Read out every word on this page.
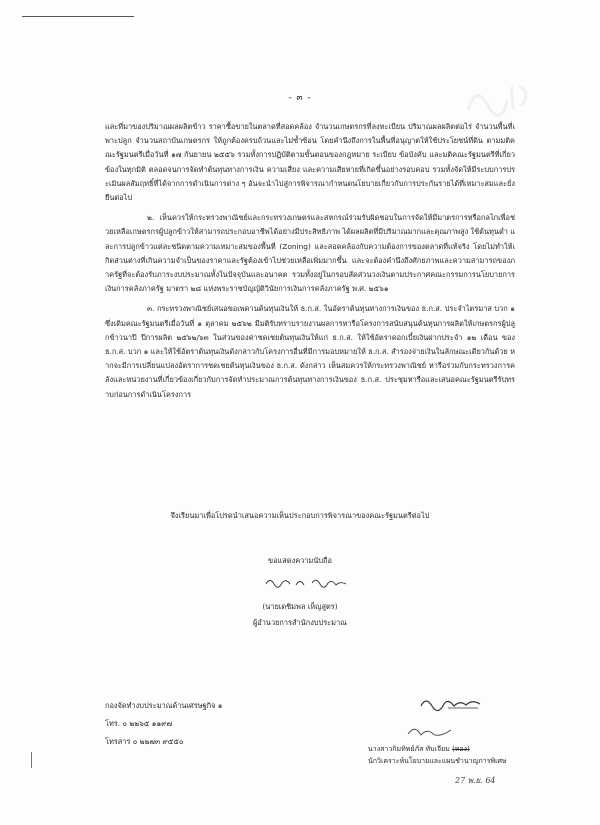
- ๓ -

และที่มาของปริมาณผลผลิตข้าว ราคาซื้อขายในตลาดที่สอดคล้อง จำนวนเกษตรกรที่ลงทะเบียน ปริมาณผลผลิตต่อไร่ จำนวนพื้นที่เพาะปลูก จำนวนสถาบันเกษตรกร ให้ถูกต้องครบถ้วนและไม่ซ้ำซ้อน โดยคำนึงถึงการในพื้นที่อนุญาตให้ใช้ประโยชน์ที่ดิน ตามมติคณะรัฐมนตรีเมื่อวันที่ ๑๗ กันยายน ๒๕๕๖ รวมทั้งการปฏิบัติตามขั้นตอนของกฎหมาย ระเบียบ ข้อบังคับ และมติคณะรัฐมนตรีที่เกี่ยวข้องในทุกมิติ ตลอดจนการจัดทำต้นทุนทางการเงิน ความเสี่ยง และความเสียหายที่เกิดขึ้นอย่างรอบคอบ รวมทั้งจัดให้มีระบบการประเมินผลสัมฤทธิ์ที่ได้จากการดำเนินการต่าง ๆ อันจะนำไปสู่การพิจารณากำหนดนโยบายเกี่ยวกับการประกันรายได้ที่เหมาะสมและยั่งยืนต่อไป

๒. เห็นควรให้กระทรวงพาณิชย์และกระทรวงเกษตรและสหกรณ์ร่วมรับผิดชอบในการจัดให้มีมาตรการหรือกลไกเพื่อช่วยเหลือเกษตรกรผู้ปลูกข้าวให้สามารถประกอบอาชีพได้อย่างมีประสิทธิภาพ ได้ผลผลิตที่มีปริมาณมากและคุณภาพสูง ใช้ต้นทุนต่ำ และการปลูกข้าวแต่ละชนิดตามความเหมาะสมของพื้นที่ (Zoning) และสอดคล้องกับความต้องการของตลาดที่แท้จริง โดยไม่ทำให้เกิดส่วนต่างที่เกินความจำเป็นของราคาและรัฐต้องเข้าไปช่วยเหลือเพิ่มมากขึ้น และจะต้องคำนึงถึงศักยภาพและความสามารถของภาครัฐที่จะต้องรับภาระงบประมาณทั้งในปัจจุบันและอนาคต รวมทั้งอยู่ในกรอบสัดส่วนวงเงินตามประกาศคณะกรรมการนโยบายการเงินการคลังภาครัฐ มาตรา ๒๘ แห่งพระราชบัญญัติวินัยการเงินการคลังภาครัฐ พ.ศ. ๒๕๖๑

๓. กระทรวงพาณิชย์เสนอขอเพดานต้นทุนเงินให้ ธ.ก.ส. ในอัตราต้นทุนทางการเงินของ ธ.ก.ส. ประจำไตรมาส บวก ๑ ซึ่งเดิมคณะรัฐมนตรีเมื่อวันที่ ๑ ตุลาคม ๒๕๖๒ มีมติรับทราบรายงานผลการหารือโครงการสนับสนุนต้นทุนการผลิตให้เกษตรกรผู้ปลูกข้าวนาปี ปีการผลิต ๒๕๖๒/๖๓ ในส่วนของค่าชดเชยต้นทุนเงินให้แก่ ธ.ก.ส. ให้ใช้อัตราดอกเบี้ยเงินฝากประจำ ๑๒ เดือน ของ ธ.ก.ส. บวก ๑ และให้ใช้อัตราต้นทุนเงินดังกล่าวกับโครงการอื่นที่มีการมอบหมายให้ ธ.ก.ส. สำรองจ่ายเงินในลักษณะเดียวกันด้วย หากจะมีการเปลี่ยนแปลงอัตราการชดเชยต้นทุนเงินของ ธ.ก.ส. ดังกล่าว เห็นสมควรให้กระทรวงพาณิชย์ หารือร่วมกับกระทรวงการคลังและหน่วยงานที่เกี่ยวข้องเกี่ยวกับการจัดทำประมาณการต้นทุนทางการเงินของ ธ.ก.ส. ประชุมหารือและเสนอคณะรัฐมนตรีรับทราบก่อนการดำเนินโครงการ

จึงเรียนมาเพื่อโปรดนำเสนอความเห็นประกอบการพิจารณาของคณะรัฐมนตรีต่อไป
ขอแสดงความนับถือ
(นายเดชิมพล เห็ญสูตร)
ผู้อำนวยการสำนักงบประมาณ
กองจัดทำงบประมาณด้านเศรษฐกิจ ๑
โทร. ๐ ๒๒๖๕ ๑๑๙๗
โทรสาร ๐ ๒๒๗๓ ๙๕๕๐
นางสาวกิมทิพย์ภัส ทับเจียม (ทอง)
นักวิเคราะห์นโยบายและแผนชำนาญการพิเศษ
27 พ.ย. 64
